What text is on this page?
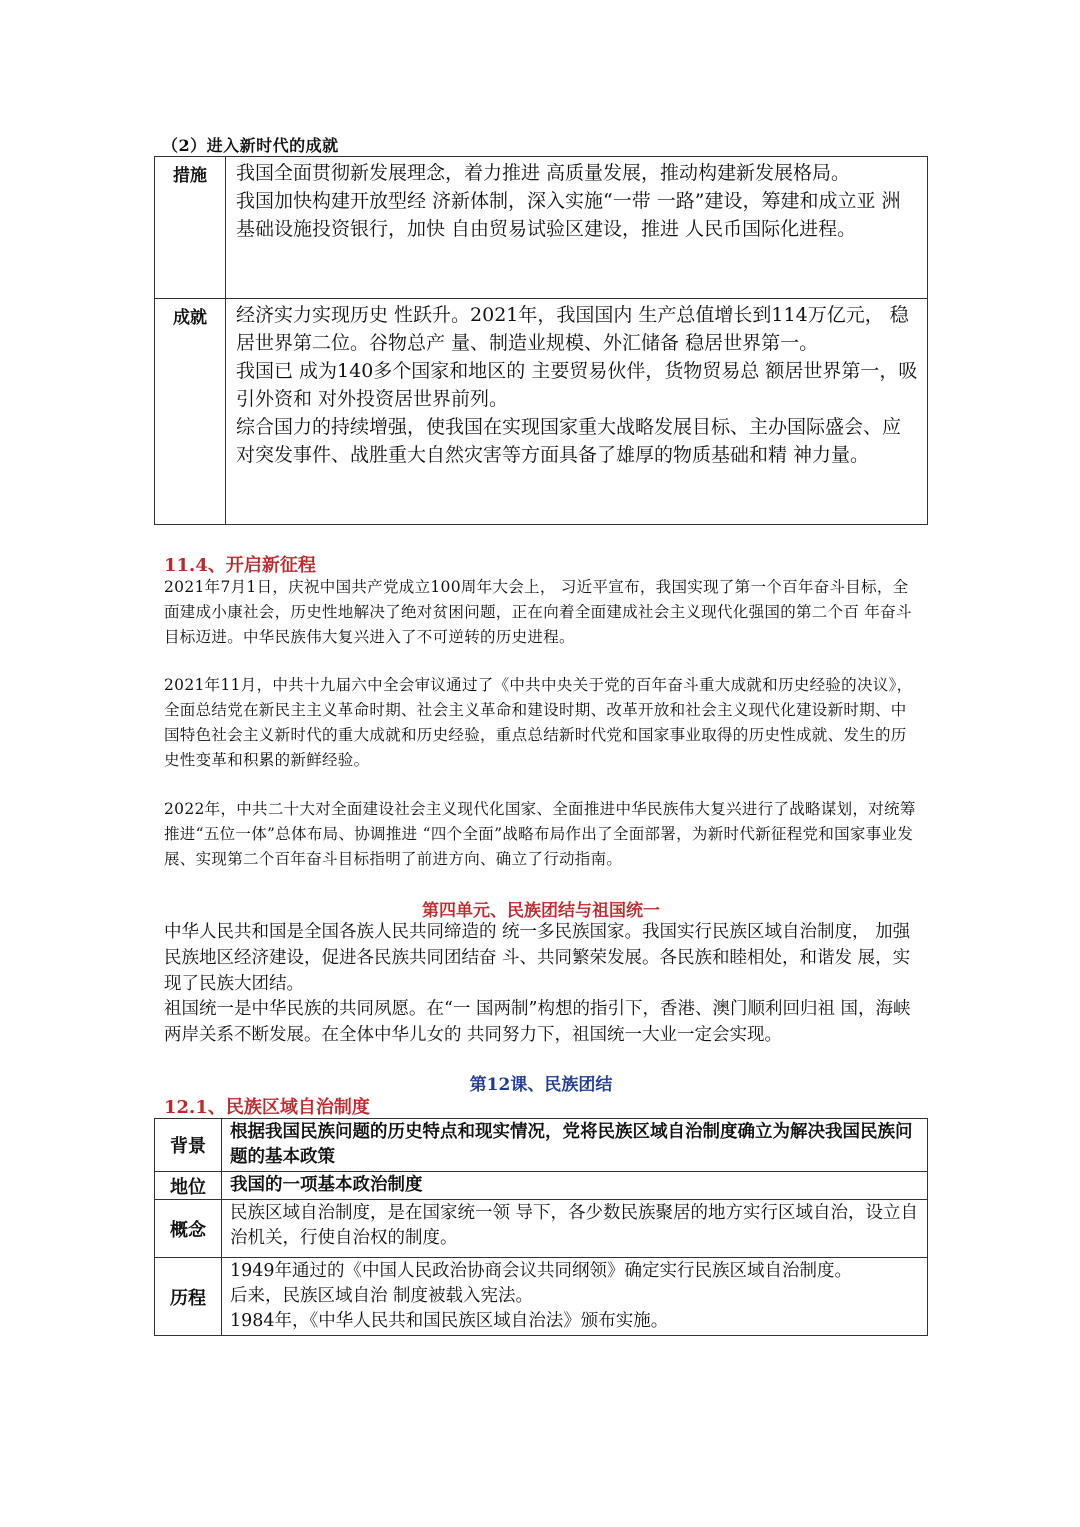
（2）进入新时代的成就
措施	我国全面贯彻新发展理念，着力推进 高质量发展，推动构建新发展格局。

我国加快构建开放型经 济新体制，深入实施“一带 一路”建设，筹建和成立亚 洲基础设施投资银行，加快 自由贸易试验区建设，推进 人民币国际化进程。

成就	经济实力实现历史 性跃升。2021年，我国国内 生产总值增长到114万亿元， 稳居世界第二位。谷物总产 量、制造业规模、外汇储备 稳居世界第一。

我国已 成为140多个国家和地区的 主要贸易伙伴，货物贸易总 额居世界第一，吸引外资和 对外投资居世界前列。

综合国力的持续增强，使我国在实现国家重大战略发展目标、主办国际盛会、应对突发事件、战胜重大自然灾害等方面具备了雄厚的物质基础和精 神力量。

11.4、开启新征程
2021年7月1日，庆祝中国共产党成立100周年大会上， 习近平宣布，我国实现了第一个百年奋斗目标，全面建成小康社会，历史性地解决了绝对贫困问题，正在向着全面建成社会主义现代化强国的第二个百 年奋斗目标迈进。中华民族伟大复兴进入了不可逆转的历史进程。
2021年11月，中共十九届六中全会审议通过了《中共中央关于党的百年奋斗重大成就和历史经验的决议》，全面总结党在新民主主义革命时期、社会主义革命和建设时期、改革开放和社会主义现代化建设新时期、中国特色社会主义新时代的重大成就和历史经验，重点总结新时代党和国家事业取得的历史性成就、发生的历史性变革和积累的新鲜经验。
2022年，中共二十大对全面建设社会主义现代化国家、全面推进中华民族伟大复兴进行了战略谋划，对统筹推进“五位一体”总体布局、协调推进 “四个全面”战略布局作出了全面部署，为新时代新征程党和国家事业发展、实现第二个百年奋斗目标指明了前进方向、确立了行动指南。
第四单元、民族团结与祖国统一
中华人民共和国是全国各族人民共同缔造的 统一多民族国家。我国实行民族区域自治制度， 加强民族地区经济建设，促进各民族共同团结奋 斗、共同繁荣发展。各民族和睦相处，和谐发 展，实现了民族大团结。
祖国统一是中华民族的共同夙愿。在“一 国两制”构想的指引下，香港、澳门顺利回归祖 国，海峡两岸关系不断发展。在全体中华儿女的 共同努力下，祖国统一大业一定会实现。
第12课、民族团结
12.1、民族区域自治制度
背景	根据我国民族问题的历史特点和现实情况，党将民族区域自治制度确立为解决我国民族问题的基本政策

地位	我国的一项基本政治制度

概念	民族区域自治制度，是在国家统一领 导下，各少数民族聚居的地方实行区域自治，设立自治机关，行使自治权的制度。

历程	1949年通过的《中国人民政治协商会议共同纲领》确定实行民族区域自治制度。

后来，民族区域自治 制度被载入宪法。

1984年，《中华人民共和国民族区域自治法》颁布实施。
